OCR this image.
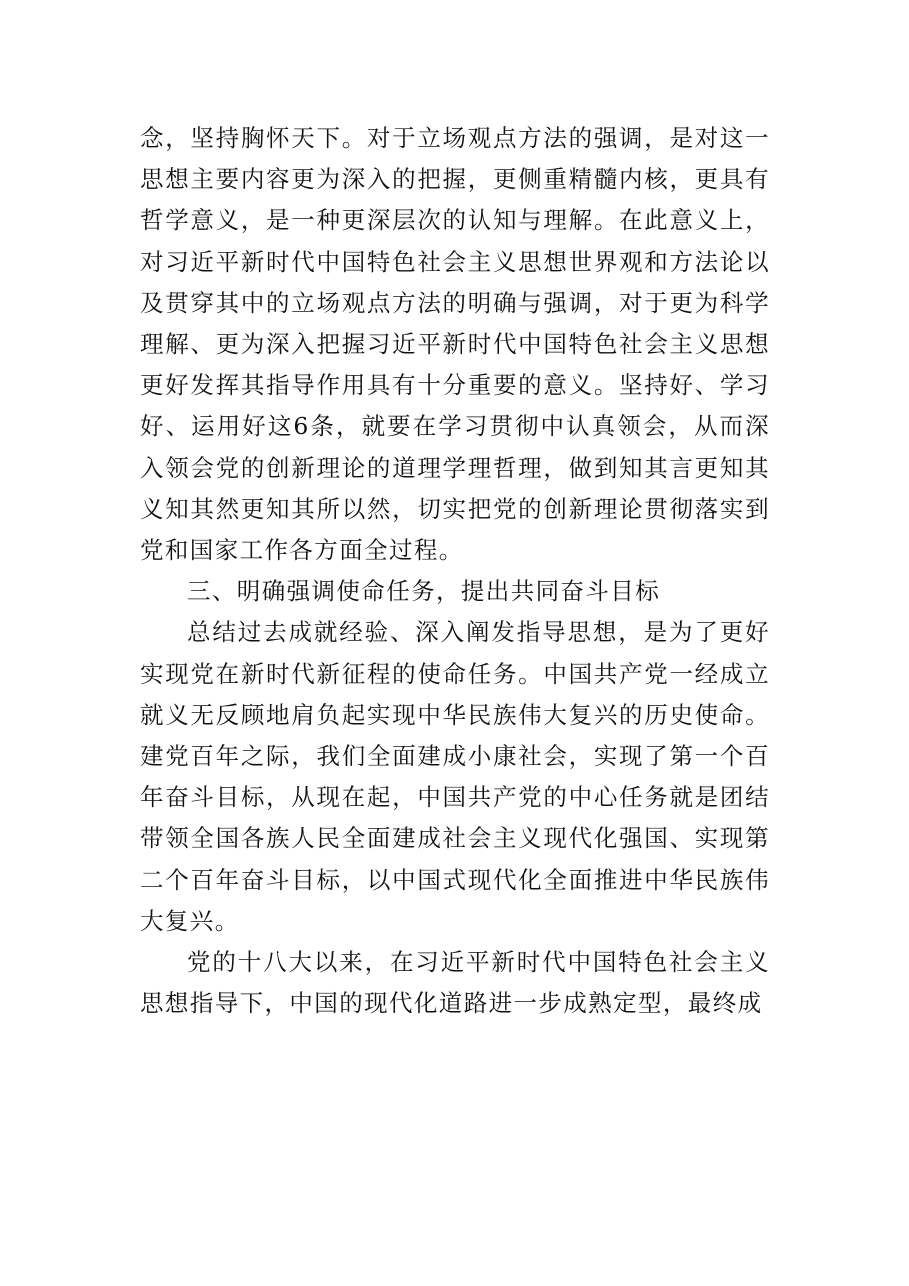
念，坚持胸怀天下。对于立场观点方法的强调，是对这一思想主要内容更为深入的把握，更侧重精髓内核，更具有哲学意义，是一种更深层次的认知与理解。在此意义上，对习近平新时代中国特色社会主义思想世界观和方法论以及贯穿其中的立场观点方法的明确与强调，对于更为科学理解、更为深入把握习近平新时代中国特色社会主义思想更好发挥其指导作用具有十分重要的意义。坚持好、学习好、运用好这6条，就要在学习贯彻中认真领会，从而深入领会党的创新理论的道理学理哲理，做到知其言更知其义知其然更知其所以然，切实把党的创新理论贯彻落实到党和国家工作各方面全过程。

三、明确强调使命任务，提出共同奋斗目标

总结过去成就经验、深入阐发指导思想，是为了更好实现党在新时代新征程的使命任务。中国共产党一经成立就义无反顾地肩负起实现中华民族伟大复兴的历史使命。建党百年之际，我们全面建成小康社会，实现了第一个百年奋斗目标，从现在起，中国共产党的中心任务就是团结带领全国各族人民全面建成社会主义现代化强国、实现第二个百年奋斗目标，以中国式现代化全面推进中华民族伟大复兴。

党的十八大以来，在习近平新时代中国特色社会主义思想指导下，中国的现代化道路进一步成熟定型，最终成
